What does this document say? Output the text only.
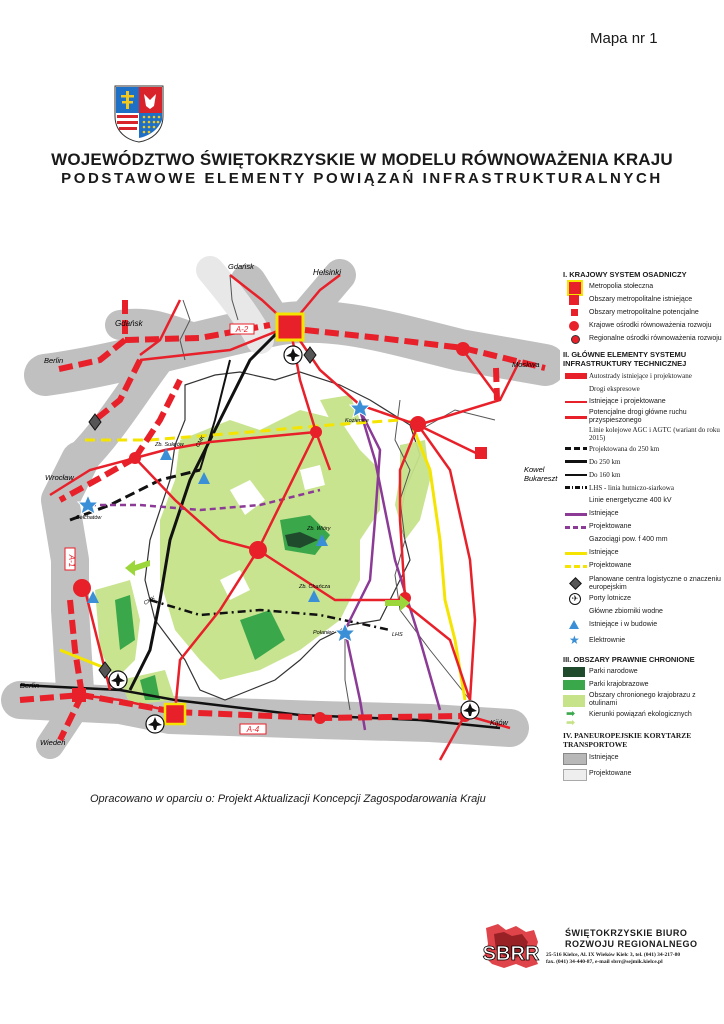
Mapa nr 1
WOJEWÓDZTWO ŚWIĘTOKRZYSKIE W MODELU RÓWNOWAŻENIA KRAJU
PODSTAWOWE ELEMENTY POWIĄZAŃ INFRASTRUKTURALNYCH
A-2
A-1
A-4
Gdańsk
Helsinki
Gdańsk
Berlin	Moskwa
Wrocław
Kowel
Bukareszt
Berlin
Wiedeń
Kijów
Bełchatów
Kozienice
Zb. Sulejów
Zb. Wióry
Zb. Chańcza
Połaniec
CMK
CMK
LHS
I. KRAJOWY SYSTEM OSADNICZY
Metropolia stołeczna
Obszary metropolitalne istniejące
Obszary metropolitalne potencjalne
Krajowe ośrodki równoważenia rozwoju
Regionalne ośrodki równoważenia rozwoju
II. GŁÓWNE ELEMENTY SYSTEMU INFRASTRUKTURY TECHNICZNEJ
Autostrady istniejące i projektowane
Drogi ekspresowe
Istniejące i projektowane
Potencjalne drogi główne ruchu przyspieszonego
Linie kolejowe AGC i AGTC (wariant do roku 2015)
Projektowana do 250 km
Do 250 km
Do 160 km
LHS - linia hutniczo-siarkowa
Linie energetyczne 400 kV
Istniejące
Projektowane
Gazociągi pow. f 400 mm
Istniejące
Projektowane
Planowane centra logistyczne o znaczeniu europejskim
✈	Porty lotnicze
Główne zbiorniki wodne
Istniejące i w budowie
★ Elektrownie
III. OBSZARY PRAWNIE CHRONIONE
Parki narodowe
Parki krajobrazowe
Obszary chronionego krajobrazu z otulinami
➡
➡
Kierunki powiązań ekologicznych
IV. PANEUROPEJSKIE KORYTARZE TRANSPORTOWE
Istniejące
Projektowane
Opracowano w oparciu o: Projekt Aktualizacji Koncepcji Zagospodarowania Kraju
SBRR
ŚWIĘTOKRZYSKIE BIURO
ROZWOJU REGIONALNEGO
25-516 Kielce, Al. IX Wieków Kielc 3, tel. (041) 34-217-80
fax. (041) 34-440-87, e-mail sbrr@sejmik.kielce.pl
